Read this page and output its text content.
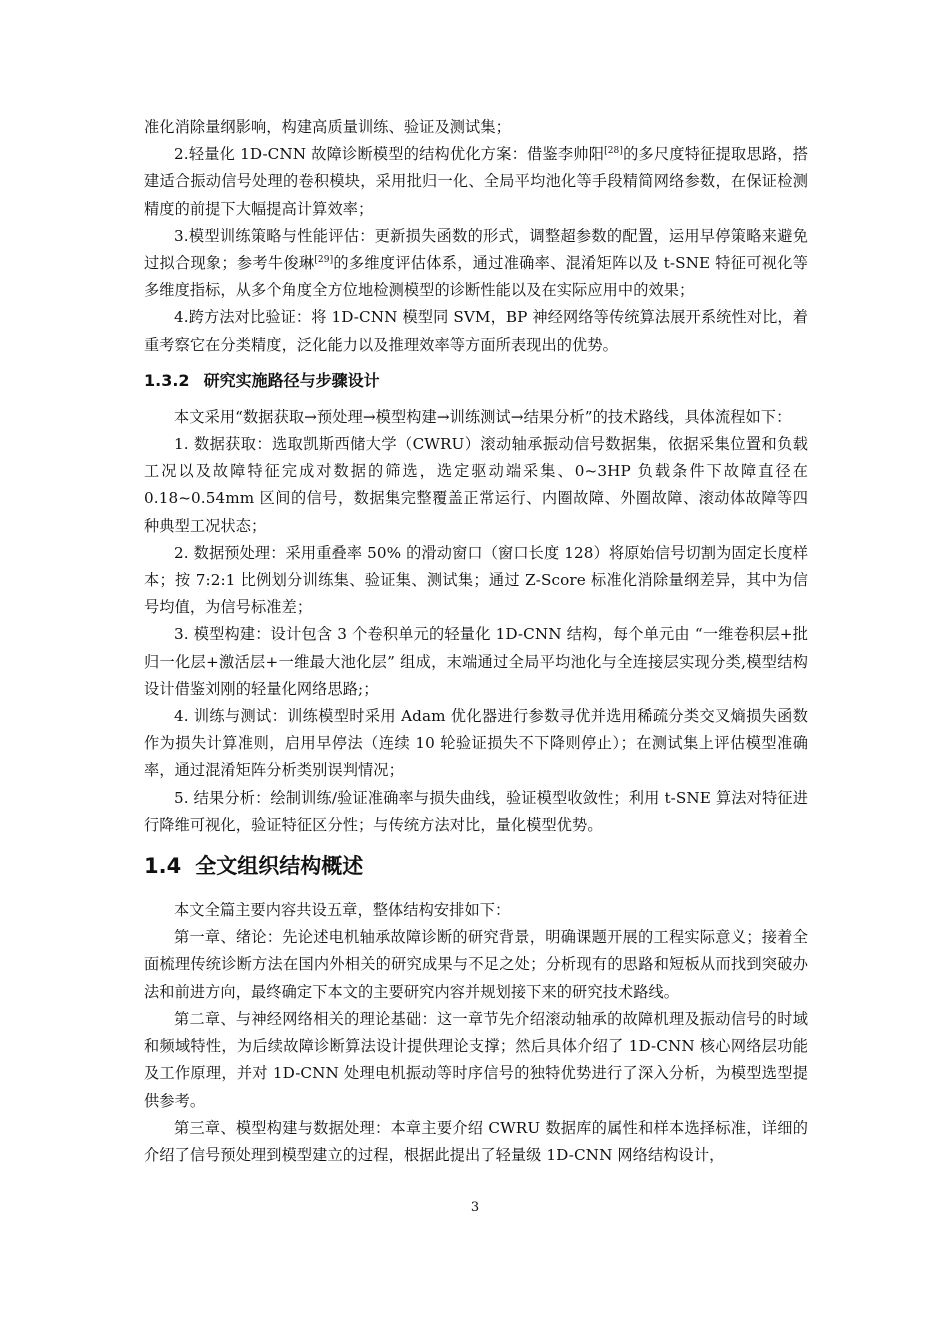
准化消除量纲影响，构建高质量训练、验证及测试集；

2.轻量化 1D-CNN 故障诊断模型的结构优化方案：借鉴李帅阳[28]的多尺度特征提取思路，搭建适合振动信号处理的卷积模块，采用批归一化、全局平均池化等手段精简网络参数，在保证检测精度的前提下大幅提高计算效率；

3.模型训练策略与性能评估：更新损失函数的形式，调整超参数的配置，运用早停策略来避免过拟合现象；参考牛俊琳[29]的多维度评估体系，通过准确率、混淆矩阵以及 t-SNE 特征可视化等多维度指标，从多个角度全方位地检测模型的诊断性能以及在实际应用中的效果；

4.跨方法对比验证：将 1D-CNN 模型同 SVM，BP 神经网络等传统算法展开系统性对比，着重考察它在分类精度，泛化能力以及推理效率等方面所表现出的优势。

1.3.2 研究实施路径与步骤设计

本文采用“数据获取→预处理→模型构建→训练测试→结果分析”的技术路线，具体流程如下：

1. 数据获取：选取凯斯西储大学（CWRU）滚动轴承振动信号数据集，依据采集位置和负载工况以及故障特征完成对数据的筛选，选定驱动端采集、0~3HP 负载条件下故障直径在 0.18~0.54mm 区间的信号，数据集完整覆盖正常运行、内圈故障、外圈故障、滚动体故障等四种典型工况状态；

2. 数据预处理：采用重叠率 50% 的滑动窗口（窗口长度 128）将原始信号切割为固定长度样本；按 7:2:1 比例划分训练集、验证集、测试集；通过 Z-Score 标准化消除量纲差异，其中为信号均值，为信号标准差；

3. 模型构建：设计包含 3 个卷积单元的轻量化 1D-CNN 结构，每个单元由 “一维卷积层+批归一化层+激活层+一维最大池化层” 组成，末端通过全局平均池化与全连接层实现分类,模型结构设计借鉴刘刚的轻量化网络思路;；

4. 训练与测试：训练模型时采用 Adam 优化器进行参数寻优并选用稀疏分类交叉熵损失函数作为损失计算准则，启用早停法（连续 10 轮验证损失不下降则停止）；在测试集上评估模型准确率，通过混淆矩阵分析类别误判情况；

5. 结果分析：绘制训练/验证准确率与损失曲线，验证模型收敛性；利用 t-SNE 算法对特征进行降维可视化，验证特征区分性；与传统方法对比，量化模型优势。

1.4 全文组织结构概述

本文全篇主要内容共设五章，整体结构安排如下：

第一章、绪论：先论述电机轴承故障诊断的研究背景，明确课题开展的工程实际意义；接着全面梳理传统诊断方法在国内外相关的研究成果与不足之处；分析现有的思路和短板从而找到突破办法和前进方向，最终确定下本文的主要研究内容并规划接下来的研究技术路线。

第二章、与神经网络相关的理论基础：这一章节先介绍滚动轴承的故障机理及振动信号的时域和频域特性，为后续故障诊断算法设计提供理论支撑；然后具体介绍了 1D-CNN 核心网络层功能及工作原理，并对 1D-CNN 处理电机振动等时序信号的独特优势进行了深入分析，为模型选型提供参考。

第三章、模型构建与数据处理：本章主要介绍 CWRU 数据库的属性和样本选择标准，详细的介绍了信号预处理到模型建立的过程，根据此提出了轻量级 1D-CNN 网络结构设计，

3
